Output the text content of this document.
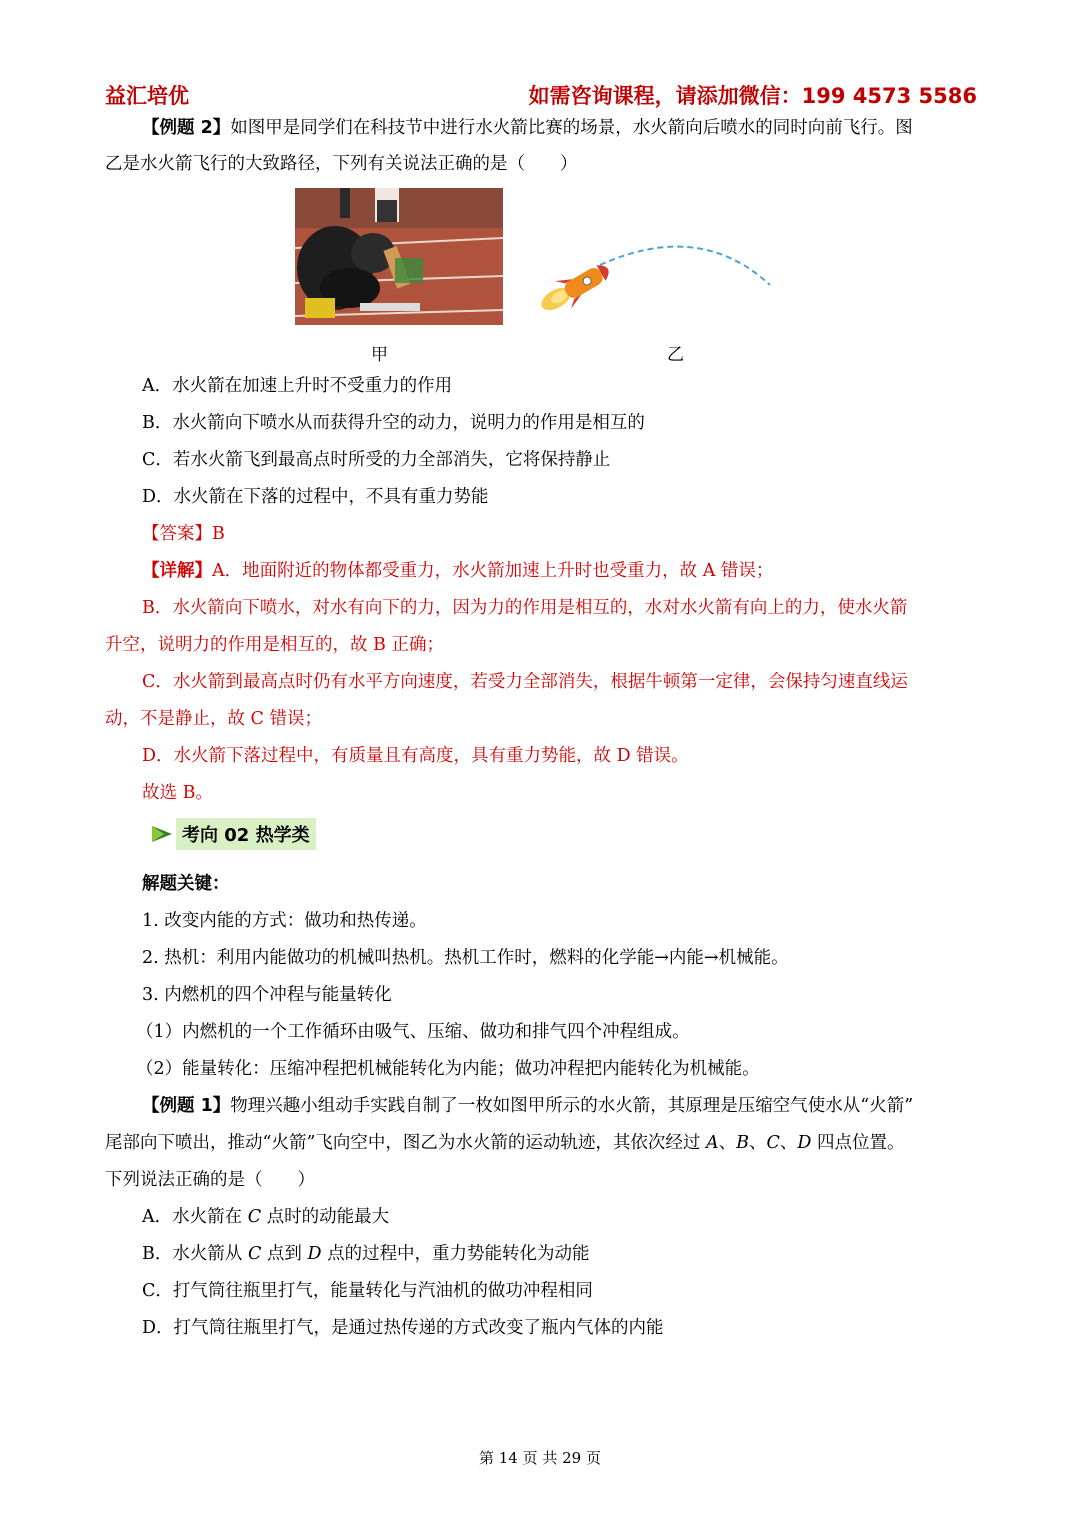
益汇培优	如需咨询课程，请添加微信：199 4573 5586
【例题 2】如图甲是同学们在科技节中进行水火箭比赛的场景，水火箭向后喷水的同时向前飞行。图
乙是水火箭飞行的大致路径，下列有关说法正确的是（　　）
甲	乙
A．水火箭在加速上升时不受重力的作用
B．水火箭向下喷水从而获得升空的动力，说明力的作用是相互的
C．若水火箭飞到最高点时所受的力全部消失，它将保持静止
D．水火箭在下落的过程中，不具有重力势能
【答案】B
【详解】A．地面附近的物体都受重力，水火箭加速上升时也受重力，故 A 错误；
B．水火箭向下喷水，对水有向下的力，因为力的作用是相互的，水对水火箭有向上的力，使水火箭
升空，说明力的作用是相互的，故 B 正确；
C．水火箭到最高点时仍有水平方向速度，若受力全部消失，根据牛顿第一定律，会保持匀速直线运
动，不是静止，故 C 错误；
D．水火箭下落过程中，有质量且有高度，具有重力势能，故 D 错误。
故选 B。
考向 02 热学类
解题关键：
1. 改变内能的方式：做功和热传递。
2. 热机：利用内能做功的机械叫热机。热机工作时，燃料的化学能→内能→机械能。
3. 内燃机的四个冲程与能量转化
（1）内燃机的一个工作循环由吸气、压缩、做功和排气四个冲程组成。
（2）能量转化：压缩冲程把机械能转化为内能；做功冲程把内能转化为机械能。
【例题 1】物理兴趣小组动手实践自制了一枚如图甲所示的水火箭，其原理是压缩空气使水从“火箭”
尾部向下喷出，推动“火箭”飞向空中，图乙为水火箭的运动轨迹，其依次经过 A、B、C、D 四点位置。
下列说法正确的是（　　）
A．水火箭在 C 点时的动能最大
B．水火箭从 C 点到 D 点的过程中，重力势能转化为动能
C．打气筒往瓶里打气，能量转化与汽油机的做功冲程相同
D．打气筒往瓶里打气，是通过热传递的方式改变了瓶内气体的内能
第 14 页 共 29 页
